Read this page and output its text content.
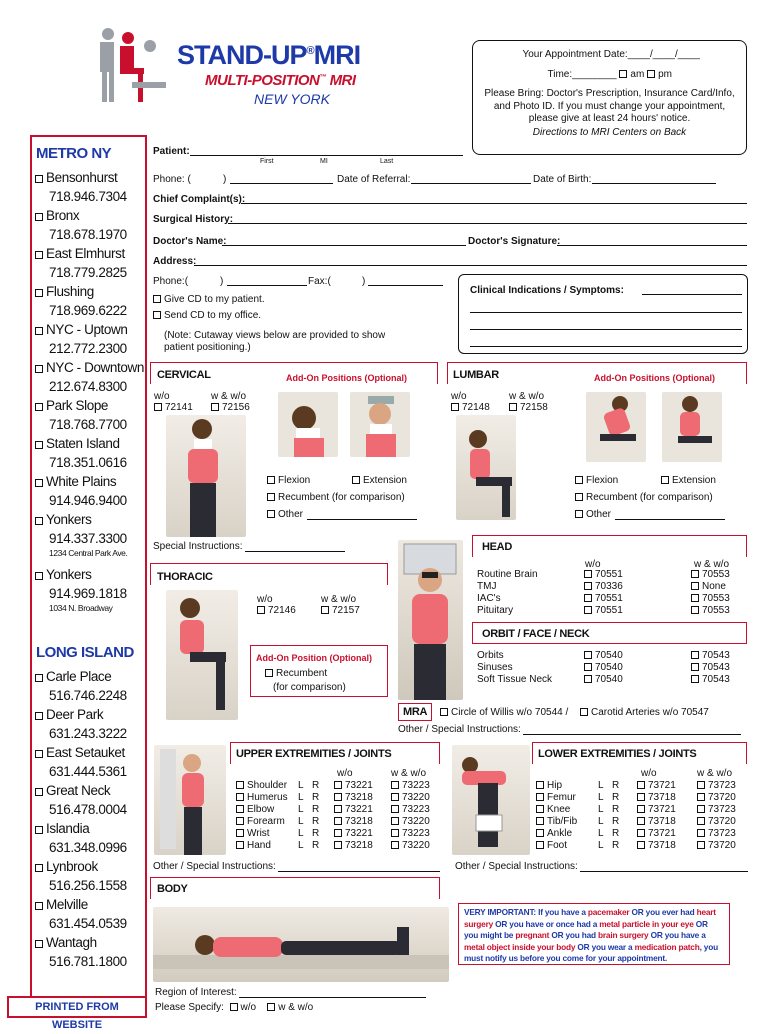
STAND-UP®MRI
MULTI-POSITION™ MRI
NEW YORK
Your Appointment Date:____/____/____
Time:________ am pm
Please Bring: Doctor's Prescription, Insurance Card/Info, and Photo ID. If you must change your appointment, please give at least 24 hours' notice.
Directions to MRI Centers on Back
METRO NY
Bensonhurst
718.946.7304
Bronx
718.678.1970
East Elmhurst
718.779.2825
Flushing
718.969.6222
NYC - Uptown
212.772.2300
NYC - Downtown
212.674.8300
Park Slope
718.768.7700
Staten Island
718.351.0616
White Plains
914.946.9400
Yonkers
914.337.3300
1234 Central Park Ave.
Yonkers
914.969.1818
1034 N. Broadway
LONG ISLAND
Carle Place
516.746.2248
Deer Park
631.243.3222
East Setauket
631.444.5361
Great Neck
516.478.0004
Islandia
631.348.0996
Lynbrook
516.256.1558
Melville
631.454.0539
Wantagh
516.781.1800
PRINTED FROM WEBSITE
Patient:
First	MI	Last
Phone: (	)	Date of Referral:	Date of Birth:
Chief Complaint(s):
Surgical History:
Doctor's Name:	Doctor's Signature:
Address:
Phone:(	)	Fax:(	)
Give CD to my patient.
Send CD to my office.
(Note: Cutaway views below are provided to show patient positioning.)
Clinical Indications / Symptoms:
CERVICAL	Add-On Positions (Optional)
w/o	w & w/o
72141	72156
Flexion	Extension
Recumbent (for comparison)
Other
Special Instructions:
LUMBAR	Add-On Positions (Optional)
w/o	w & w/o
72148	72158
Flexion	Extension
Recumbent (for comparison)
Other
THORACIC
w/o	w & w/o
72146	72157
Add-On Position (Optional)
Recumbent
(for comparison)
HEAD
w/o	w & w/o
Routine Brain	70551	70553
TMJ	70336	None
IAC's	70551	70553
Pituitary	70551	70553
ORBIT / FACE / NECK
Orbits	70540	70543
Sinuses	70540	70543
Soft Tissue Neck	70540	70543
MRA	Circle of Willis w/o 70544 /	Carotid Arteries w/o 70547
Other / Special Instructions:
UPPER EXTREMITIES / JOINTS
w/o	w & w/o
Shoulder L R	73221	73223
Humerus L R	73218	73220
Elbow L R	73221	73223
Forearm L R	73218	73220
Wrist	L R	73221	73223
Hand	L R	73218	73220
Other / Special Instructions:
LOWER EXTREMITIES / JOINTS
w/o	w & w/o
Hip	L R	73721	73723
Femur L R	73718	73720
Knee	L R	73721	73723
Tib/Fib L R	73718	73720
Ankle	L R	73721	73723
Foot	L R	73718	73720
Other / Special Instructions:
BODY
Region of Interest:
Please Specify: w/o w & w/o
VERY IMPORTANT: If you have a pacemaker OR you ever had heart surgery OR you have or once had a metal particle in your eye OR you might be pregnant OR you had brain surgery OR you have a metal object inside your body OR you wear a medication patch, you must notify us before you come for your appointment.
